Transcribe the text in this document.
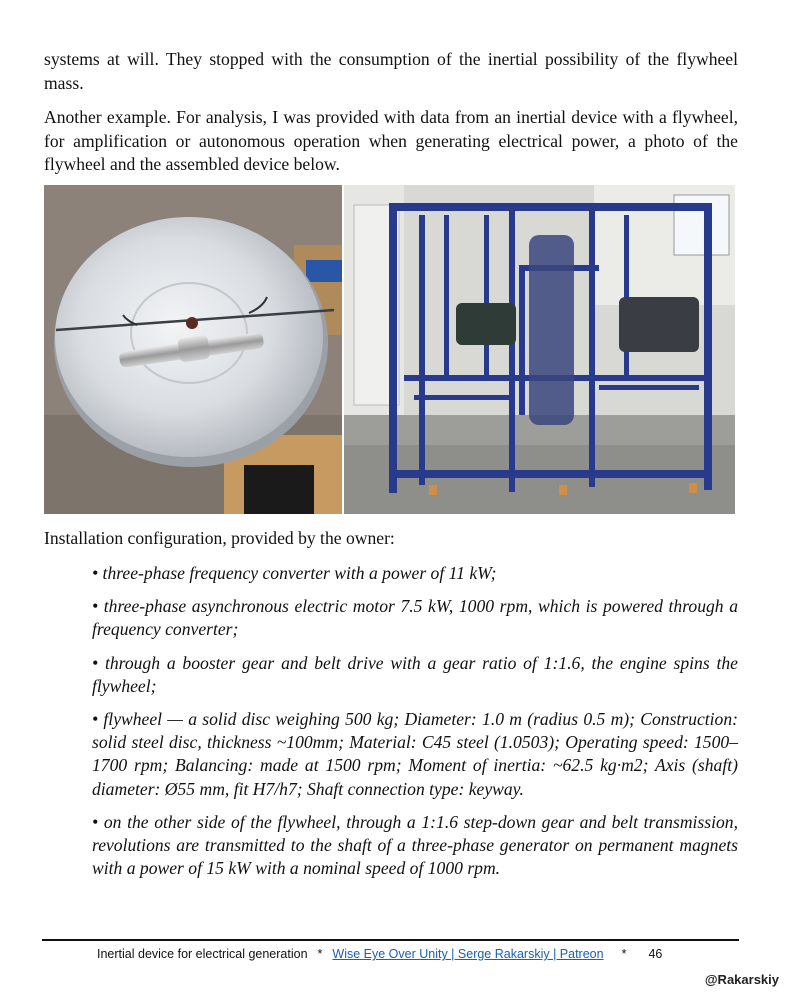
systems at will. They stopped with the consumption of the inertial possibility of the flywheel mass.

Another example. For analysis, I was provided with data from an inertial device with a flywheel, for amplification or autonomous operation when generating electrical power, a photo of the flywheel and the assembled device below.

Installation configuration, provided by the owner:

• three-phase frequency converter with a power of 11 kW;

• three-phase asynchronous electric motor 7.5 kW, 1000 rpm, which is powered through a frequency converter;

• through a booster gear and belt drive with a gear ratio of 1:1.6, the engine spins the flywheel;

• flywheel — a solid disc weighing 500 kg; Diameter: 1.0 m (radius 0.5 m); Construction: solid steel disc, thickness ~100mm; Material: C45 steel (1.0503); Operating speed: 1500–1700 rpm; Balancing: made at 1500 rpm; Moment of inertia: ~62.5 kg·m2; Axis (shaft) diameter: Ø55 mm, fit H7/h7; Shaft connection type: keyway.

• on the other side of the flywheel, through a 1:1.6 step-down gear and belt transmission, revolutions are transmitted to the shaft of a three-phase generator on permanent magnets with a power of 15 kW with a nominal speed of 1000 rpm.

Inertial device for electrical generation * Wise Eye Over Unity | Serge Rakarskiy | Patreon * 46
@Rakarskiy
